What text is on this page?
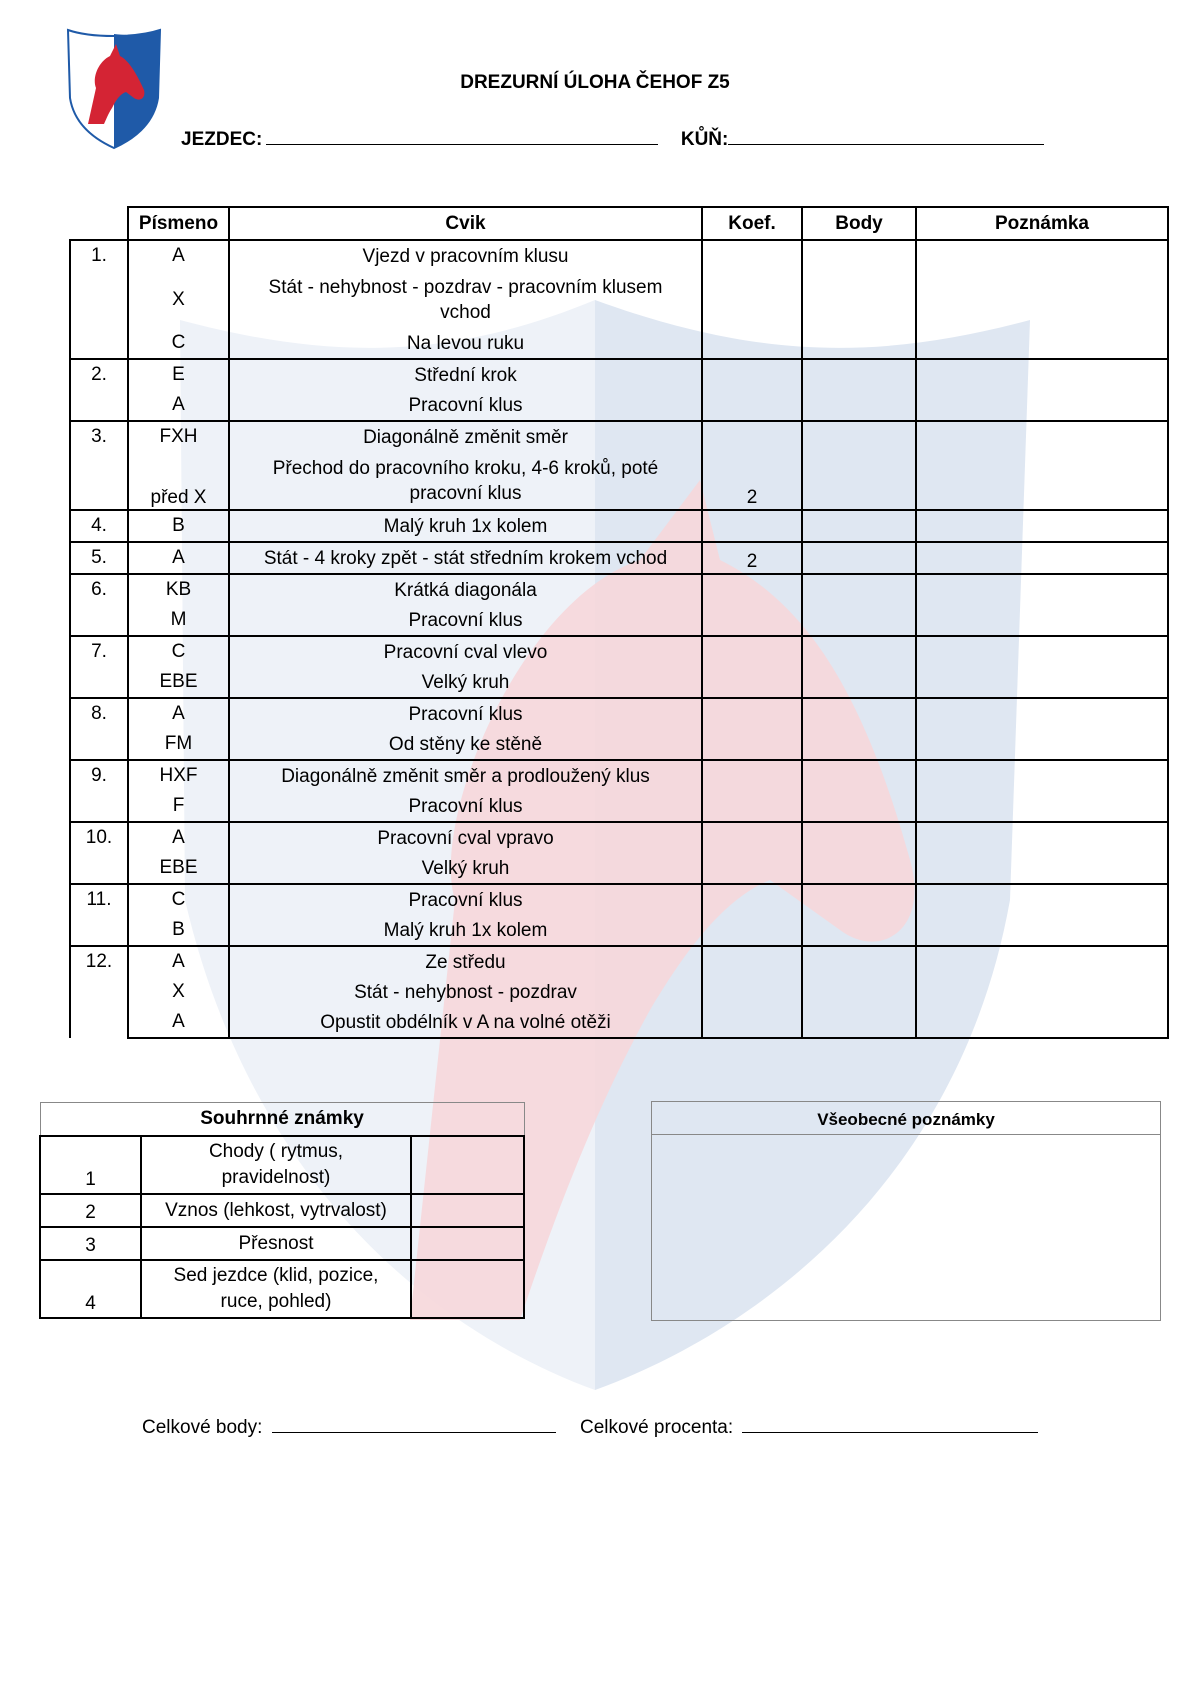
DREZURNÍ ÚLOHA ČEHOF Z5
JEZDEC:	KŮŇ:
	Písmeno	Cvik	Koef.	Body	Poznámka
1.	A	Vjezd v pracovním klusu			

X	Stát - nehybnost - pozdrav - pracovním klusem
vchod			

C	Na levou ruku			

2.	E	Střední krok			

A	Pracovní klus			

3.	FXH	Diagonálně změnit směr			

před X	Přechod do pracovního kroku, 4-6 kroků, poté
pracovní klus	2		

4.	B	Malý kruh 1x kolem			

5.	A	Stát - 4 kroky zpět - stát středním krokem vchod	2		

6.	KB	Krátká diagonála			

M	Pracovní klus			

7.	C	Pracovní cval vlevo			

EBE	Velký kruh			

8.	A	Pracovní klus			

FM	Od stěny ke stěně			

9.	HXF	Diagonálně změnit směr a prodloužený klus			

F	Pracovní klus			

10.	A	Pracovní cval vpravo			

EBE	Velký kruh			

11.	C	Pracovní klus			

B	Malý kruh 1x kolem			

12.	A	Ze středu			

X	Stát - nehybnost - pozdrav			

A	Opustit obdélník v A na volné otěži			

Souhrnné známky		
1	Chody ( rytmus,
pravidelnost)	

2	Vznos (lehkost, vytrvalost)	

3	Přesnost	

4	Sed jezdce (klid, pozice,
ruce, pohled)	

Všeobecné poznámky
Celkové body:	Celkové procenta:
